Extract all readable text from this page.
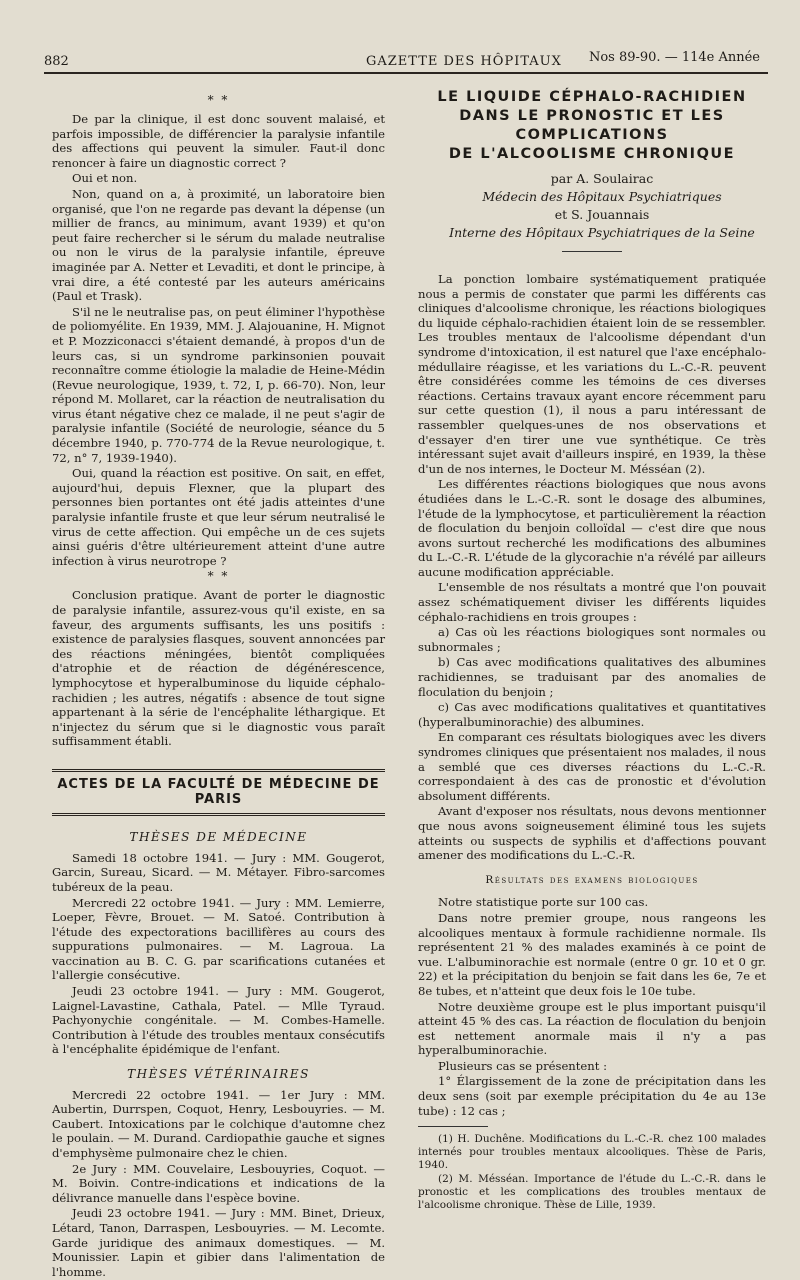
882	GAZETTE DES HÔPITAUX Nos 89-90. — 114e Année
* *

De par la clinique, il est donc souvent malaisé, et parfois impossible, de différencier la paralysie infantile des affections qui peuvent la simuler. Faut-il donc renoncer à faire un diagnostic correct ?

Oui et non.

Non, quand on a, à proximité, un laboratoire bien organisé, que l'on ne regarde pas devant la dépense (un millier de francs, au minimum, avant 1939) et qu'on peut faire rechercher si le sérum du malade neutralise ou non le virus de la paralysie infantile, épreuve imaginée par A. Netter et Levaditi, et dont le principe, à vrai dire, a été contesté par les auteurs américains (Paul et Trask).

S'il ne le neutralise pas, on peut éliminer l'hypothèse de poliomyélite. En 1939, MM. J. Alajouanine, H. Mignot et P. Mozziconacci s'étaient demandé, à propos d'un de leurs cas, si un syndrome parkinsonien pouvait reconnaître comme étiologie la maladie de Heine-Médin (Revue neurologique, 1939, t. 72, I, p. 66-70). Non, leur répond M. Mollaret, car la réaction de neutralisation du virus étant négative chez ce malade, il ne peut s'agir de paralysie infantile (Société de neurologie, séance du 5 décembre 1940, p. 770-774 de la Revue neurologique, t. 72, n° 7, 1939-1940).

Oui, quand la réaction est positive. On sait, en effet, aujourd'hui, depuis Flexner, que la plupart des personnes bien portantes ont été jadis atteintes d'une paralysie infantile fruste et que leur sérum neutralisé le virus de cette affection. Qui empêche un de ces sujets ainsi guéris d'être ultérieurement atteint d'une autre infection à virus neurotrope ?

* *

Conclusion pratique. Avant de porter le diagnostic de paralysie infantile, assurez-vous qu'il existe, en sa faveur, des arguments suffisants, les uns positifs : existence de paralysies flasques, souvent annoncées par des réactions méningées, bientôt compliquées d'atrophie et de réaction de dégénérescence, lymphocytose et hyperalbuminose du liquide céphalo-rachidien ; les autres, négatifs : absence de tout signe appartenant à la série de l'encéphalite léthargique. Et n'injectez du sérum que si le diagnostic vous paraît suffisamment établi.

ACTES DE LA FACULTÉ DE MÉDECINE DE PARIS
THÈSES DE MÉDECINE

Samedi 18 octobre 1941. — Jury : MM. Gougerot, Garcin, Sureau, Sicard. — M. Métayer. Fibro-sarcomes tubéreux de la peau.

Mercredi 22 octobre 1941. — Jury : MM. Lemierre, Loeper, Fèvre, Brouet. — M. Satoé. Contribution à l'étude des expectorations bacillifères au cours des suppurations pulmonaires. — M. Lagroua. La vaccination au B. C. G. par scarifications cutanées et l'allergie consécutive.

Jeudi 23 octobre 1941. — Jury : MM. Gougerot, Laignel-Lavastine, Cathala, Patel. — Mlle Tyraud. Pachyonychie congénitale. — M. Combes-Hamelle. Contribution à l'étude des troubles mentaux consécutifs à l'encéphalite épidémique de l'enfant.

THÈSES VÉTÉRINAIRES

Mercredi 22 octobre 1941. — 1er Jury : MM. Aubertin, Durrspen, Coquot, Henry, Lesbouyries. — M. Caubert. Intoxications par le colchique d'automne chez le poulain. — M. Durand. Cardiopathie gauche et signes d'emphysème pulmonaire chez le chien.

2e Jury : MM. Couvelaire, Lesbouyries, Coquot. — M. Boivin. Contre-indications et indications de la délivrance manuelle dans l'espèce bovine.

Jeudi 23 octobre 1941. — Jury : MM. Binet, Drieux, Létard, Tanon, Darraspen, Lesbouyries. — M. Lecomte. Garde juridique des animaux domestiques. — M. Mounissier. Lapin et gibier dans l'alimentation de l'homme.

LE LIQUIDE CÉPHALO-RACHIDIEN
DANS LE PRONOSTIC ET LES COMPLICATIONS
DE L'ALCOOLISME CHRONIQUE

par A. Soulairac

Médecin des Hôpitaux Psychiatriques

et S. Jouannais

Interne des Hôpitaux Psychiatriques de la Seine

La ponction lombaire systématiquement pratiquée nous a permis de constater que parmi les différents cas cliniques d'alcoolisme chronique, les réactions biologiques du liquide céphalo-rachidien étaient loin de se ressembler. Les troubles mentaux de l'alcoolisme dépendant d'un syndrome d'intoxication, il est naturel que l'axe encéphalo-médullaire réagisse, et les variations du L.-C.-R. peuvent être considérées comme les témoins de ces diverses réactions. Certains travaux ayant encore récemment paru sur cette question (1), il nous a paru intéressant de rassembler quelques-unes de nos observations et d'essayer d'en tirer une vue synthétique. Ce très intéressant sujet avait d'ailleurs inspiré, en 1939, la thèse d'un de nos internes, le Docteur M. Mésséan (2).

Les différentes réactions biologiques que nous avons étudiées dans le L.-C.-R. sont le dosage des albumines, l'étude de la lymphocytose, et particulièrement la réaction de floculation du benjoin colloïdal — c'est dire que nous avons surtout recherché les modifications des albumines du L.-C.-R. L'étude de la glycorachie n'a révélé par ailleurs aucune modification appréciable.

L'ensemble de nos résultats a montré que l'on pouvait assez schématiquement diviser les différents liquides céphalo-rachidiens en trois groupes :

a) Cas où les réactions biologiques sont normales ou subnormales ;

b) Cas avec modifications qualitatives des albumines rachidiennes, se traduisant par des anomalies de floculation du benjoin ;

c) Cas avec modifications qualitatives et quantitatives (hyperalbuminorachie) des albumines.

En comparant ces résultats biologiques avec les divers syndromes cliniques que présentaient nos malades, il nous a semblé que ces diverses réactions du L.-C.-R. correspondaient à des cas de pronostic et d'évolution absolument différents.

Avant d'exposer nos résultats, nous devons mentionner que nous avons soigneusement éliminé tous les sujets atteints ou suspects de syphilis et d'affections pouvant amener des modifications du L.-C.-R.

Résultats des examens biologiques

Notre statistique porte sur 100 cas.

Dans notre premier groupe, nous rangeons les alcooliques mentaux à formule rachidienne normale. Ils représentent 21 % des malades examinés à ce point de vue. L'albuminorachie est normale (entre 0 gr. 10 et 0 gr. 22) et la précipitation du benjoin se fait dans les 6e, 7e et 8e tubes, et n'atteint que deux fois le 10e tube.

Notre deuxième groupe est le plus important puisqu'il atteint 45 % des cas. La réaction de floculation du benjoin est nettement anormale mais il n'y a pas hyperalbuminorachie.

Plusieurs cas se présentent :

1° Élargissement de la zone de précipitation dans les deux sens (soit par exemple précipitation du 4e au 13e tube) : 12 cas ;

(1) H. Duchêne. Modifications du L.-C.-R. chez 100 malades internés pour troubles mentaux alcooliques. Thèse de Paris, 1940.

(2) M. Mésséan. Importance de l'étude du L.-C.-R. dans le pronostic et les complications des troubles mentaux de l'alcoolisme chronique. Thèse de Lille, 1939.
